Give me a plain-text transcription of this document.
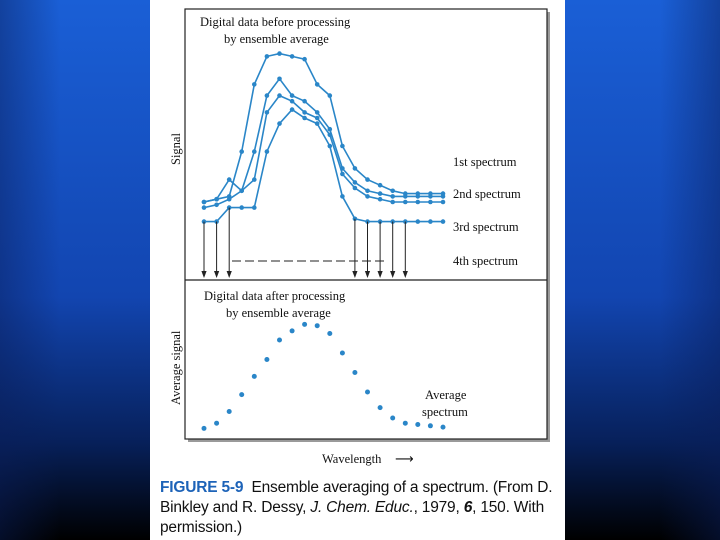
Digital data before processing
by ensemble average
Signal
Digital data after processing
by ensemble average
Average signal
1st spectrum
2nd spectrum
3rd spectrum
4th spectrum
Average
spectrum
Wavelength ⟶
FIGURE 5-9 Ensemble averaging of a spectrum. (From D. Binkley and R. Dessy, J. Chem. Educ., 1979, 6, 150. With permission.)
